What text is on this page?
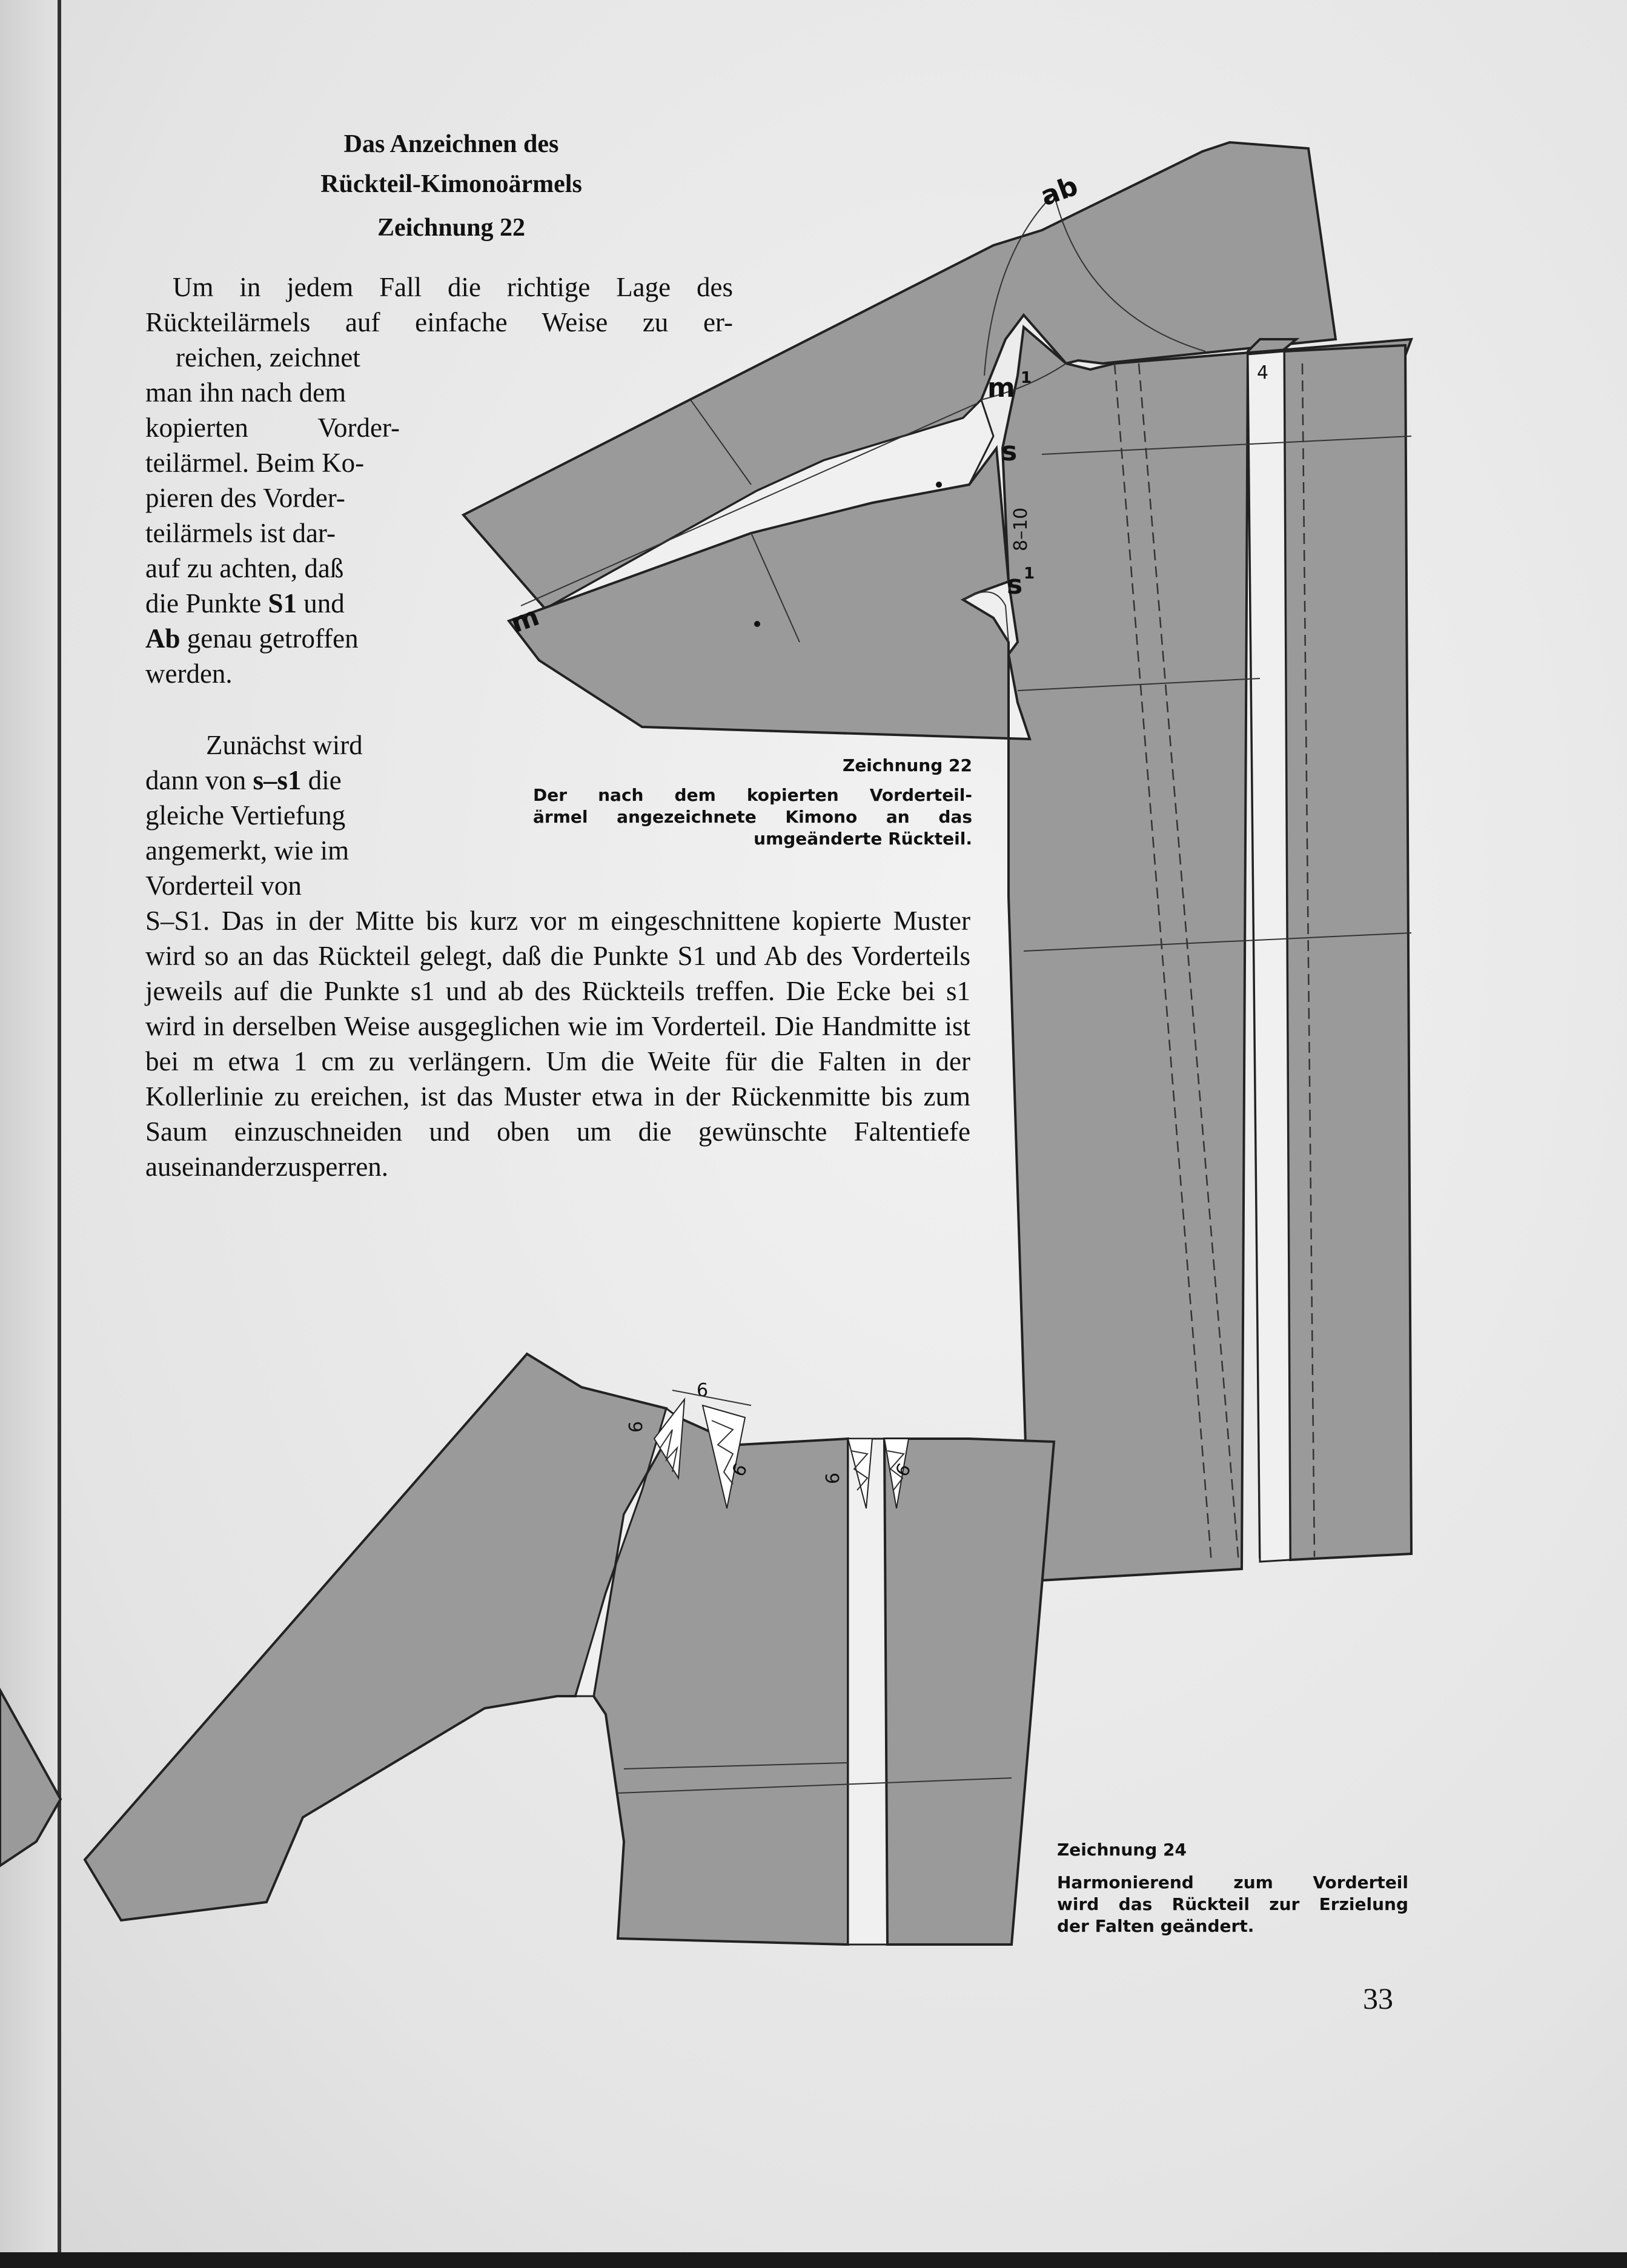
Das Anzeichnen des
Rückteil-Kimonoärmels
Zeichnung 22
Um in jedem Fall die richtige Lage des
Rückteilärmels auf einfache Weise zu er-
reichen, zeichnet
man ihn nach dem
kopierten Vorder-
teilärmel. Beim Ko-
pieren des Vorder-
teilärmels ist dar-
auf zu achten, daß
die Punkte S1 und
Ab genau getroffen
werden.
Zunächst wird
dann von s–s1 die
gleiche Vertiefung
angemerkt, wie im
Vorderteil von
S–S1. Das in der Mitte bis kurz vor m eingeschnittene kopierte Muster wird so an das Rückteil gelegt, daß die Punkte S1 und Ab des Vorderteils jeweils auf die Punkte s1 und ab des Rückteils treffen. Die Ecke bei s1 wird in derselben Weise ausgeglichen wie im Vorderteil. Die Handmitte ist bei m etwa 1 cm zu verlängern. Um die Weite für die Falten in der Kollerlinie zu ereichen, ist das Muster etwa in der Rückenmitte bis zum Saum einzuschneiden und oben um die gewünschte Faltentiefe auseinanderzusperren.
ab
m 1
s
s 1
m
8–10
4
6
6
6	6	6
Zeichnung 22
Der nach dem kopierten Vorderteil-
ärmel angezeichnete Kimono an das
umgeänderte Rückteil.
Zeichnung 24
Harmonierend zum Vorderteil
wird das Rückteil zur Erzielung
der Falten geändert.
33
